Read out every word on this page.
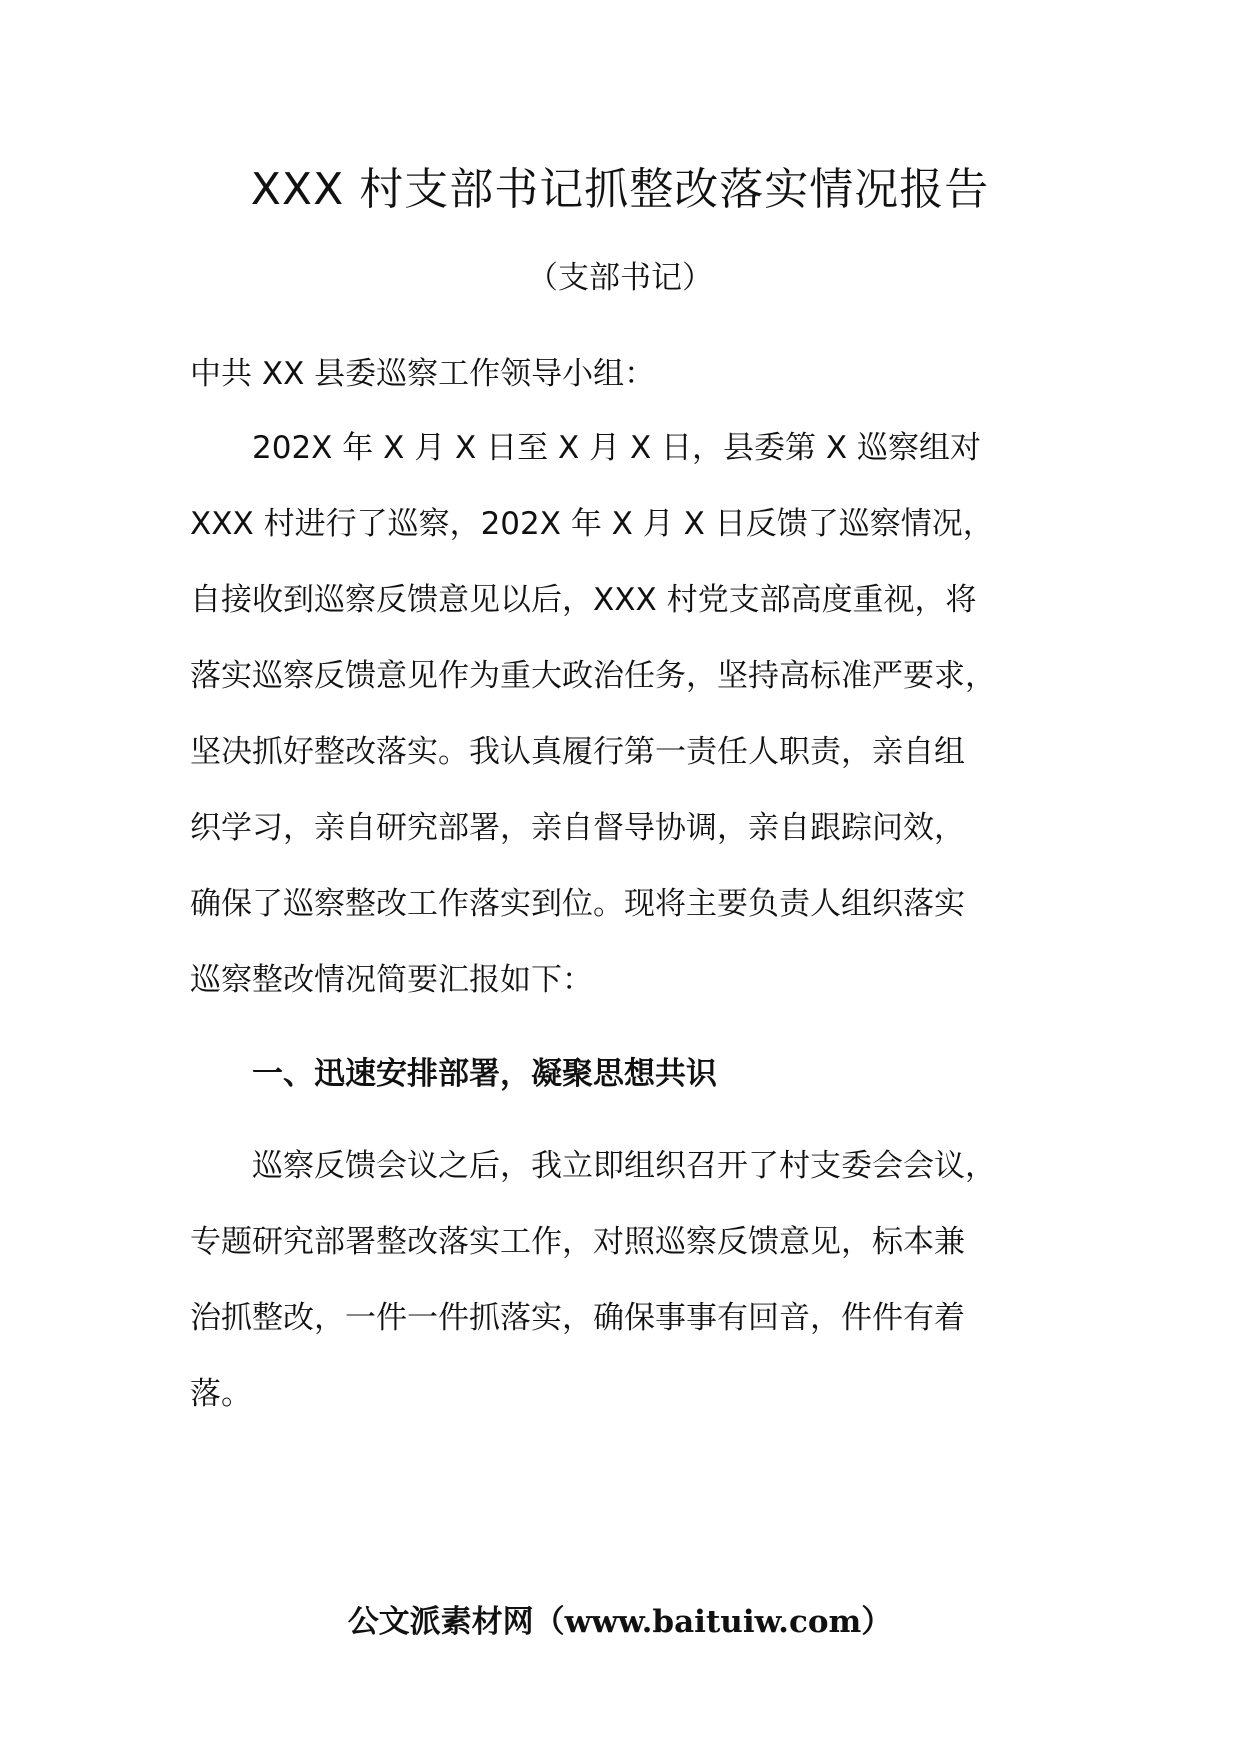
XXX 村支部书记抓整改落实情况报告
（支部书记）
中共 XX 县委巡察工作领导小组：
202X 年 X 月 X 日至 X 月 X 日，县委第 X 巡察组对
XXX 村进行了巡察，202X 年 X 月 X 日反馈了巡察情况，
自接收到巡察反馈意见以后，XXX 村党支部高度重视，将
落实巡察反馈意见作为重大政治任务，坚持高标准严要求，
坚决抓好整改落实。我认真履行第一责任人职责，亲自组
织学习，亲自研究部署，亲自督导协调，亲自跟踪问效，
确保了巡察整改工作落实到位。现将主要负责人组织落实
巡察整改情况简要汇报如下：
一、迅速安排部署，凝聚思想共识
巡察反馈会议之后，我立即组织召开了村支委会会议，
专题研究部署整改落实工作，对照巡察反馈意见，标本兼
治抓整改，一件一件抓落实，确保事事有回音，件件有着
落。
公文派素材网（www.baituiw.com）
